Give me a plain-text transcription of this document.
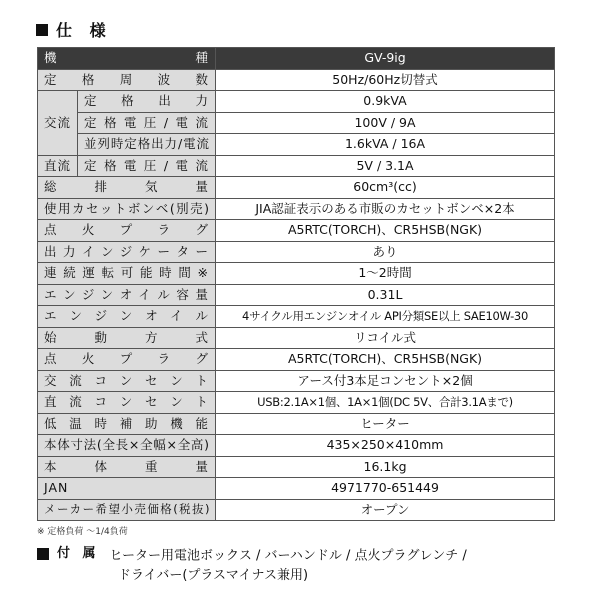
仕 様
機種		GV-9ig

定格周波数		50Hz/60Hz切替式
交流	定格出力	0.9kVA

	定格電圧/電流	100V / 9A

	並列時定格出力/電流	1.6kVA / 16A
直流	定格電圧/電流	5V / 3.1A

総排気量		60cm³(cc)

使用カセットボンベ(別売)		JIA認証表示のある市販のカセットボンベ×2本

点火プラグ		A5RTC(TORCH)、CR5HSB(NGK)

出力インジケーター		あり

連続運転可能時間※		1〜2時間

エンジンオイル容量		0.31L

エンジンオイル		4サイクル用エンジンオイル API分類SE以上 SAE10W-30

始動方式		リコイル式

点火プラグ		A5RTC(TORCH)、CR5HSB(NGK)

交流コンセント		アース付3本足コンセント×2個

直流コンセント		USB:2.1A×1個、1A×1個(DC 5V、合計3.1Aまで)

低温時補助機能		ヒーター

本体寸法(全長×全幅×全高)		435×250×410mm

本体重量		16.1kg

JAN		4971770-651449

メーカー希望小売価格(税抜)		オープン
※ 定格負荷 〜1/4負荷
付 属 ヒーター用電池ボックス / バーハンドル / 点火プラグレンチ /
ドライバー(プラスマイナス兼用)
